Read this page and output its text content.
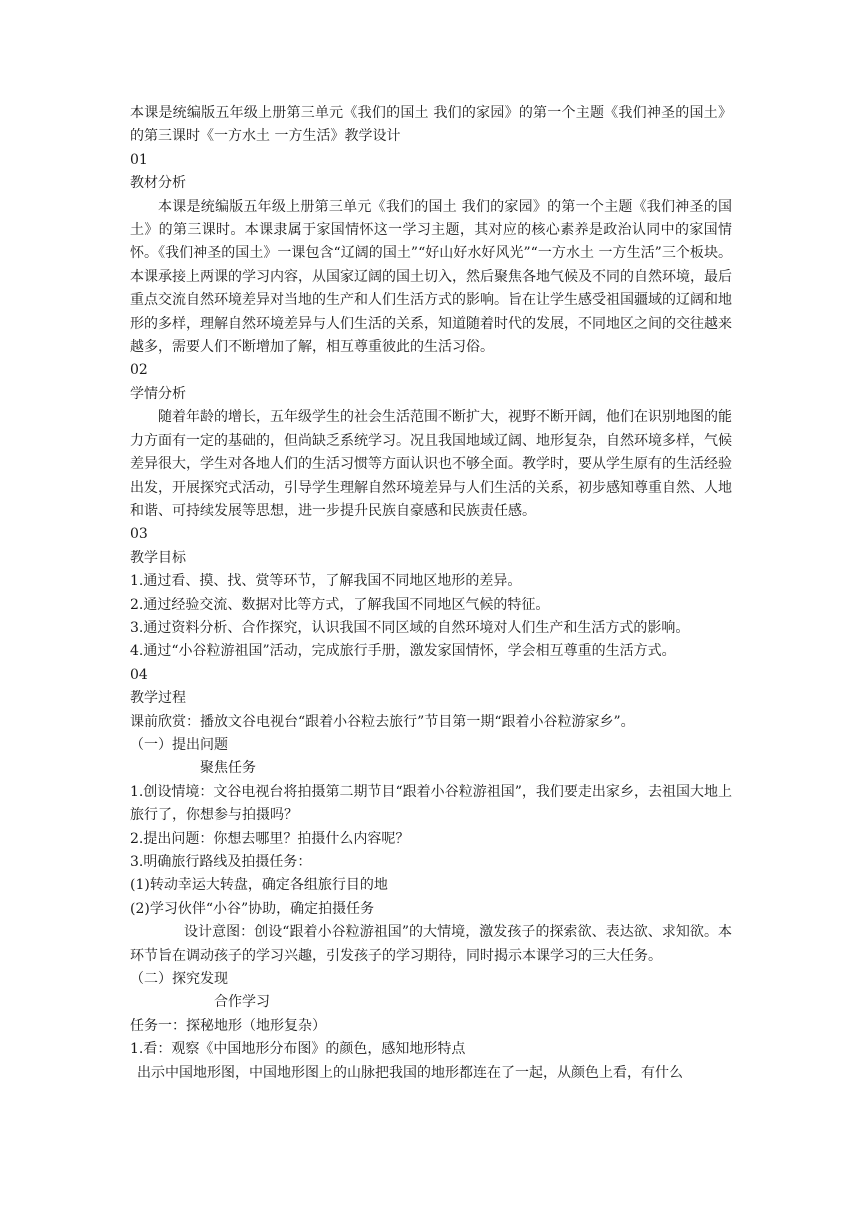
本课是统编版五年级上册第三单元《我们的国土 我们的家园》的第一个主题《我们神圣的国土》的第三课时《一方水土 一方生活》教学设计
01
教材分析
本课是统编版五年级上册第三单元《我们的国土 我们的家园》的第一个主题《我们神圣的国土》的第三课时。本课隶属于家国情怀这一学习主题，其对应的核心素养是政治认同中的家国情怀。《我们神圣的国土》一课包含“辽阔的国土”“好山好水好风光”“一方水土 一方生活”三个板块。本课承接上两课的学习内容，从国家辽阔的国土切入，然后聚焦各地气候及不同的自然环境，最后重点交流自然环境差异对当地的生产和人们生活方式的影响。旨在让学生感受祖国疆域的辽阔和地形的多样，理解自然环境差异与人们生活的关系，知道随着时代的发展，不同地区之间的交往越来越多，需要人们不断增加了解，相互尊重彼此的生活习俗。
02
学情分析
随着年龄的增长，五年级学生的社会生活范围不断扩大，视野不断开阔，他们在识别地图的能力方面有一定的基础的，但尚缺乏系统学习。况且我国地域辽阔、地形复杂，自然环境多样，气候差异很大，学生对各地人们的生活习惯等方面认识也不够全面。教学时，要从学生原有的生活经验出发，开展探究式活动，引导学生理解自然环境差异与人们生活的关系，初步感知尊重自然、人地和谐、可持续发展等思想，进一步提升民族自豪感和民族责任感。
03
教学目标
1.通过看、摸、找、赏等环节，了解我国不同地区地形的差异。
2.通过经验交流、数据对比等方式，了解我国不同地区气候的特征。
3.通过资料分析、合作探究，认识我国不同区域的自然环境对人们生产和生活方式的影响。
4.通过“小谷粒游祖国”活动，完成旅行手册，激发家国情怀，学会相互尊重的生活方式。
04
教学过程
课前欣赏：播放文谷电视台“跟着小谷粒去旅行”节目第一期“跟着小谷粒游家乡”。
（一）提出问题
聚焦任务
1.创设情境：文谷电视台将拍摄第二期节目“跟着小谷粒游祖国”，我们要走出家乡，去祖国大地上旅行了，你想参与拍摄吗？
2.提出问题：你想去哪里？拍摄什么内容呢？
3.明确旅行路线及拍摄任务：
(1)转动幸运大转盘，确定各组旅行目的地
(2)学习伙伴“小谷”协助，确定拍摄任务
设计意图：创设“跟着小谷粒游祖国”的大情境，激发孩子的探索欲、表达欲、求知欲。本环节旨在调动孩子的学习兴趣，引发孩子的学习期待，同时揭示本课学习的三大任务。
（二）探究发现
合作学习
任务一：探秘地形（地形复杂）
1.看：观察《中国地形分布图》的颜色，感知地形特点
出示中国地形图，中国地形图上的山脉把我国的地形都连在了一起，从颜色上看，有什么
